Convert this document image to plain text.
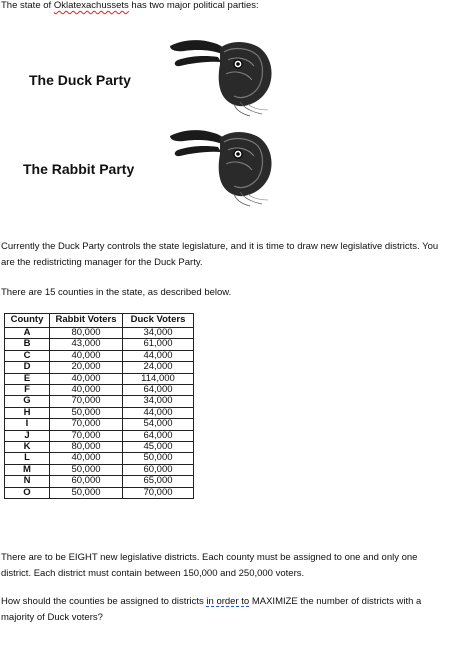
The state of Oklatexachussets has two major political parties:
The Duck Party
The Rabbit Party
Currently the Duck Party controls the state legislature, and it is time to draw new legislative districts. You are the redistricting manager for the Duck Party.
There are 15 counties in the state, as described below.
County	Rabbit Voters	Duck Voters
A	80,000	34,000
B	43,000	61,000
C	40,000	44,000
D	20,000	24,000
E	40,000	114,000
F	40,000	64,000
G	70,000	34,000
H	50,000	44,000
I	70,000	54,000
J	70,000	64,000
K	80,000	45,000
L	40,000	50,000
M	50,000	60,000
N	60,000	65,000
O	50,000	70,000
There are to be EIGHT new legislative districts. Each county must be assigned to one and only one district. Each district must contain between 150,000 and 250,000 voters.
How should the counties be assigned to districts in order to MAXIMIZE the number of districts with a majority of Duck voters?
